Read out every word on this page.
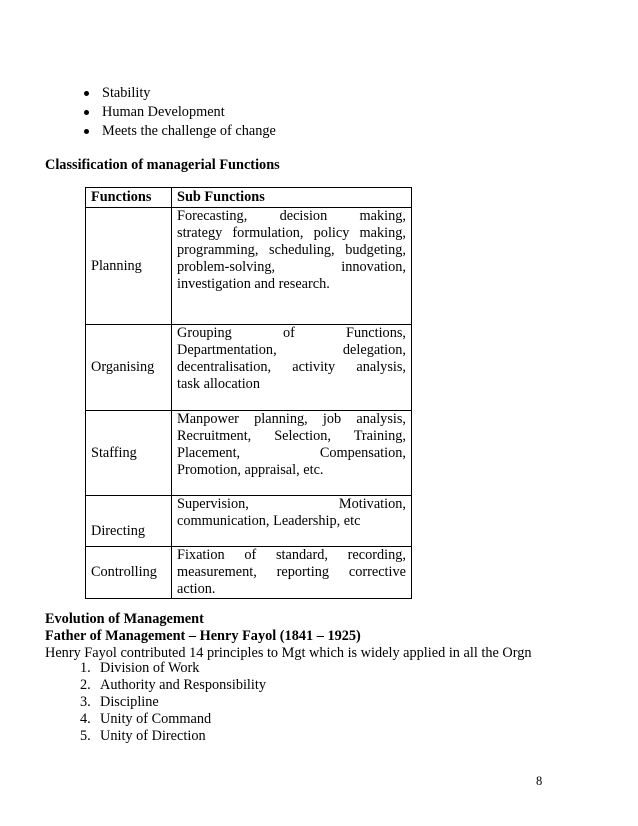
Stability
Human Development
Meets the challenge of change
Classification of managerial Functions
Functions	Sub Functions
Planning	Forecasting, decision making,
strategy formulation, policy making,
programming, scheduling, budgeting,
problem-solving, innovation,
investigation and research.

Organising	Grouping of Functions,
Departmentation, delegation,
decentralisation, activity analysis,
task allocation

Staffing	Manpower planning, job analysis,
Recruitment, Selection, Training,
Placement, Compensation,
Promotion, appraisal, etc.

Directing	Supervision, Motivation,
communication, Leadership, etc

Controlling	Fixation of standard, recording,
measurement, reporting corrective
action.
Evolution of Management
Father of Management – Henry Fayol (1841 – 1925)

Henry Fayol contributed 14 principles to Mgt which is widely applied in all the Orgn

1. Division of Work
2. Authority and Responsibility
3. Discipline
4. Unity of Command
5. Unity of Direction
8
